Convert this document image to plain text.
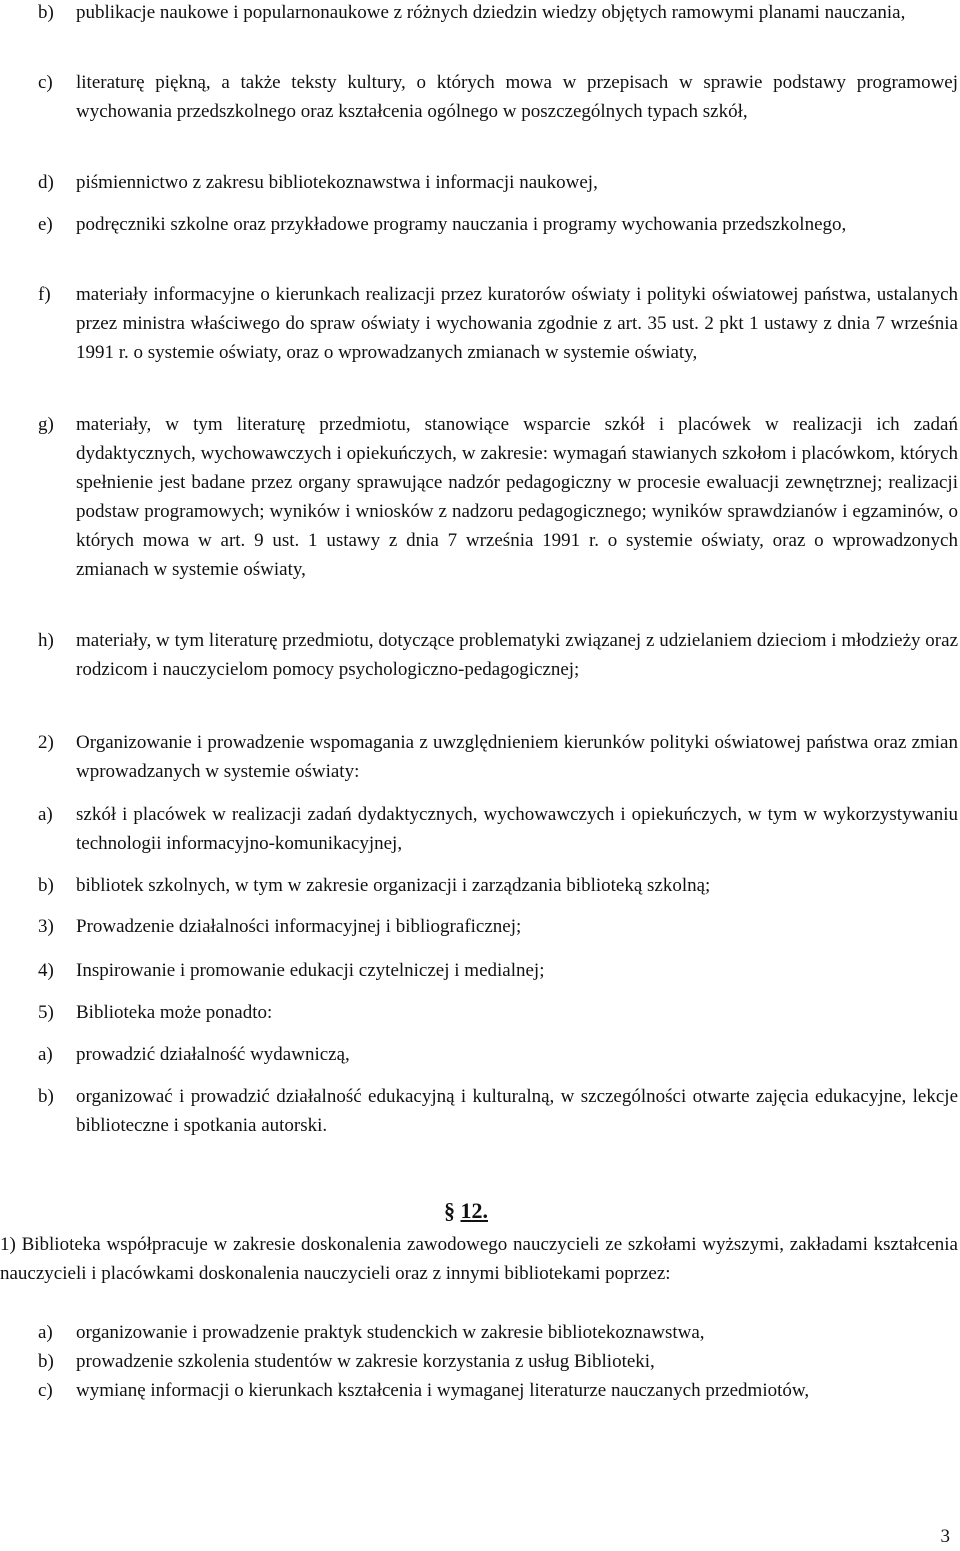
b)	publikacje naukowe i popularnonaukowe z różnych dziedzin wiedzy objętych ramowymi planami nauczania,
c)	literaturę piękną, a także teksty kultury, o których mowa w przepisach w sprawie podstawy programowej wychowania przedszkolnego oraz kształcenia ogólnego w poszczególnych typach szkół,
d)	piśmiennictwo z zakresu bibliotekoznawstwa i informacji naukowej,
e)	podręczniki szkolne oraz przykładowe programy nauczania i programy wychowania przedszkolnego,
f)	materiały informacyjne o kierunkach realizacji przez kuratorów oświaty i polityki oświatowej państwa, ustalanych przez ministra właściwego do spraw oświaty i wychowania zgodnie z art. 35 ust. 2 pkt 1 ustawy z dnia 7 września 1991 r. o systemie oświaty, oraz o wprowadzanych zmianach w systemie oświaty,
g)	materiały, w tym literaturę przedmiotu, stanowiące wsparcie szkół i placówek w realizacji ich zadań dydaktycznych, wychowawczych i opiekuńczych, w zakresie: wymagań stawianych szkołom i placówkom, których spełnienie jest badane przez organy sprawujące nadzór pedagogiczny w procesie ewaluacji zewnętrznej; realizacji podstaw programowych; wyników i wniosków z nadzoru pedagogicznego; wyników sprawdzianów i egzaminów, o których mowa w art. 9 ust. 1 ustawy z dnia 7 września 1991 r. o systemie oświaty, oraz o wprowadzonych zmianach w systemie oświaty,
h)	materiały, w tym literaturę przedmiotu, dotyczące problematyki związanej z udzielaniem dzieciom i młodzieży oraz rodzicom i nauczycielom pomocy psychologiczno-pedagogicznej;
2)	Organizowanie i prowadzenie wspomagania z uwzględnieniem kierunków polityki oświatowej państwa oraz zmian wprowadzanych w systemie oświaty:
a)	szkół i placówek w realizacji zadań dydaktycznych, wychowawczych i opiekuńczych, w tym w wykorzystywaniu technologii informacyjno-komunikacyjnej,
b)	bibliotek szkolnych, w tym w zakresie organizacji i zarządzania biblioteką szkolną;
3)	Prowadzenie działalności informacyjnej i bibliograficznej;
4)	Inspirowanie i promowanie edukacji czytelniczej i medialnej;
5)	Biblioteka może ponadto:
a)	prowadzić działalność wydawniczą,
b)	organizować i prowadzić działalność edukacyjną i kulturalną, w szczególności otwarte zajęcia edukacyjne, lekcje biblioteczne i spotkania autorski.
§ 12.
1) Biblioteka współpracuje w zakresie doskonalenia zawodowego nauczycieli ze szkołami wyższymi, zakładami kształcenia nauczycieli i placówkami doskonalenia nauczycieli oraz z innymi bibliotekami poprzez:
a)	organizowanie i prowadzenie praktyk studenckich w zakresie bibliotekoznawstwa,
b)	prowadzenie szkolenia studentów w zakresie korzystania z usług Biblioteki,
c)	wymianę informacji o kierunkach kształcenia i wymaganej literaturze nauczanych przedmiotów,
3
